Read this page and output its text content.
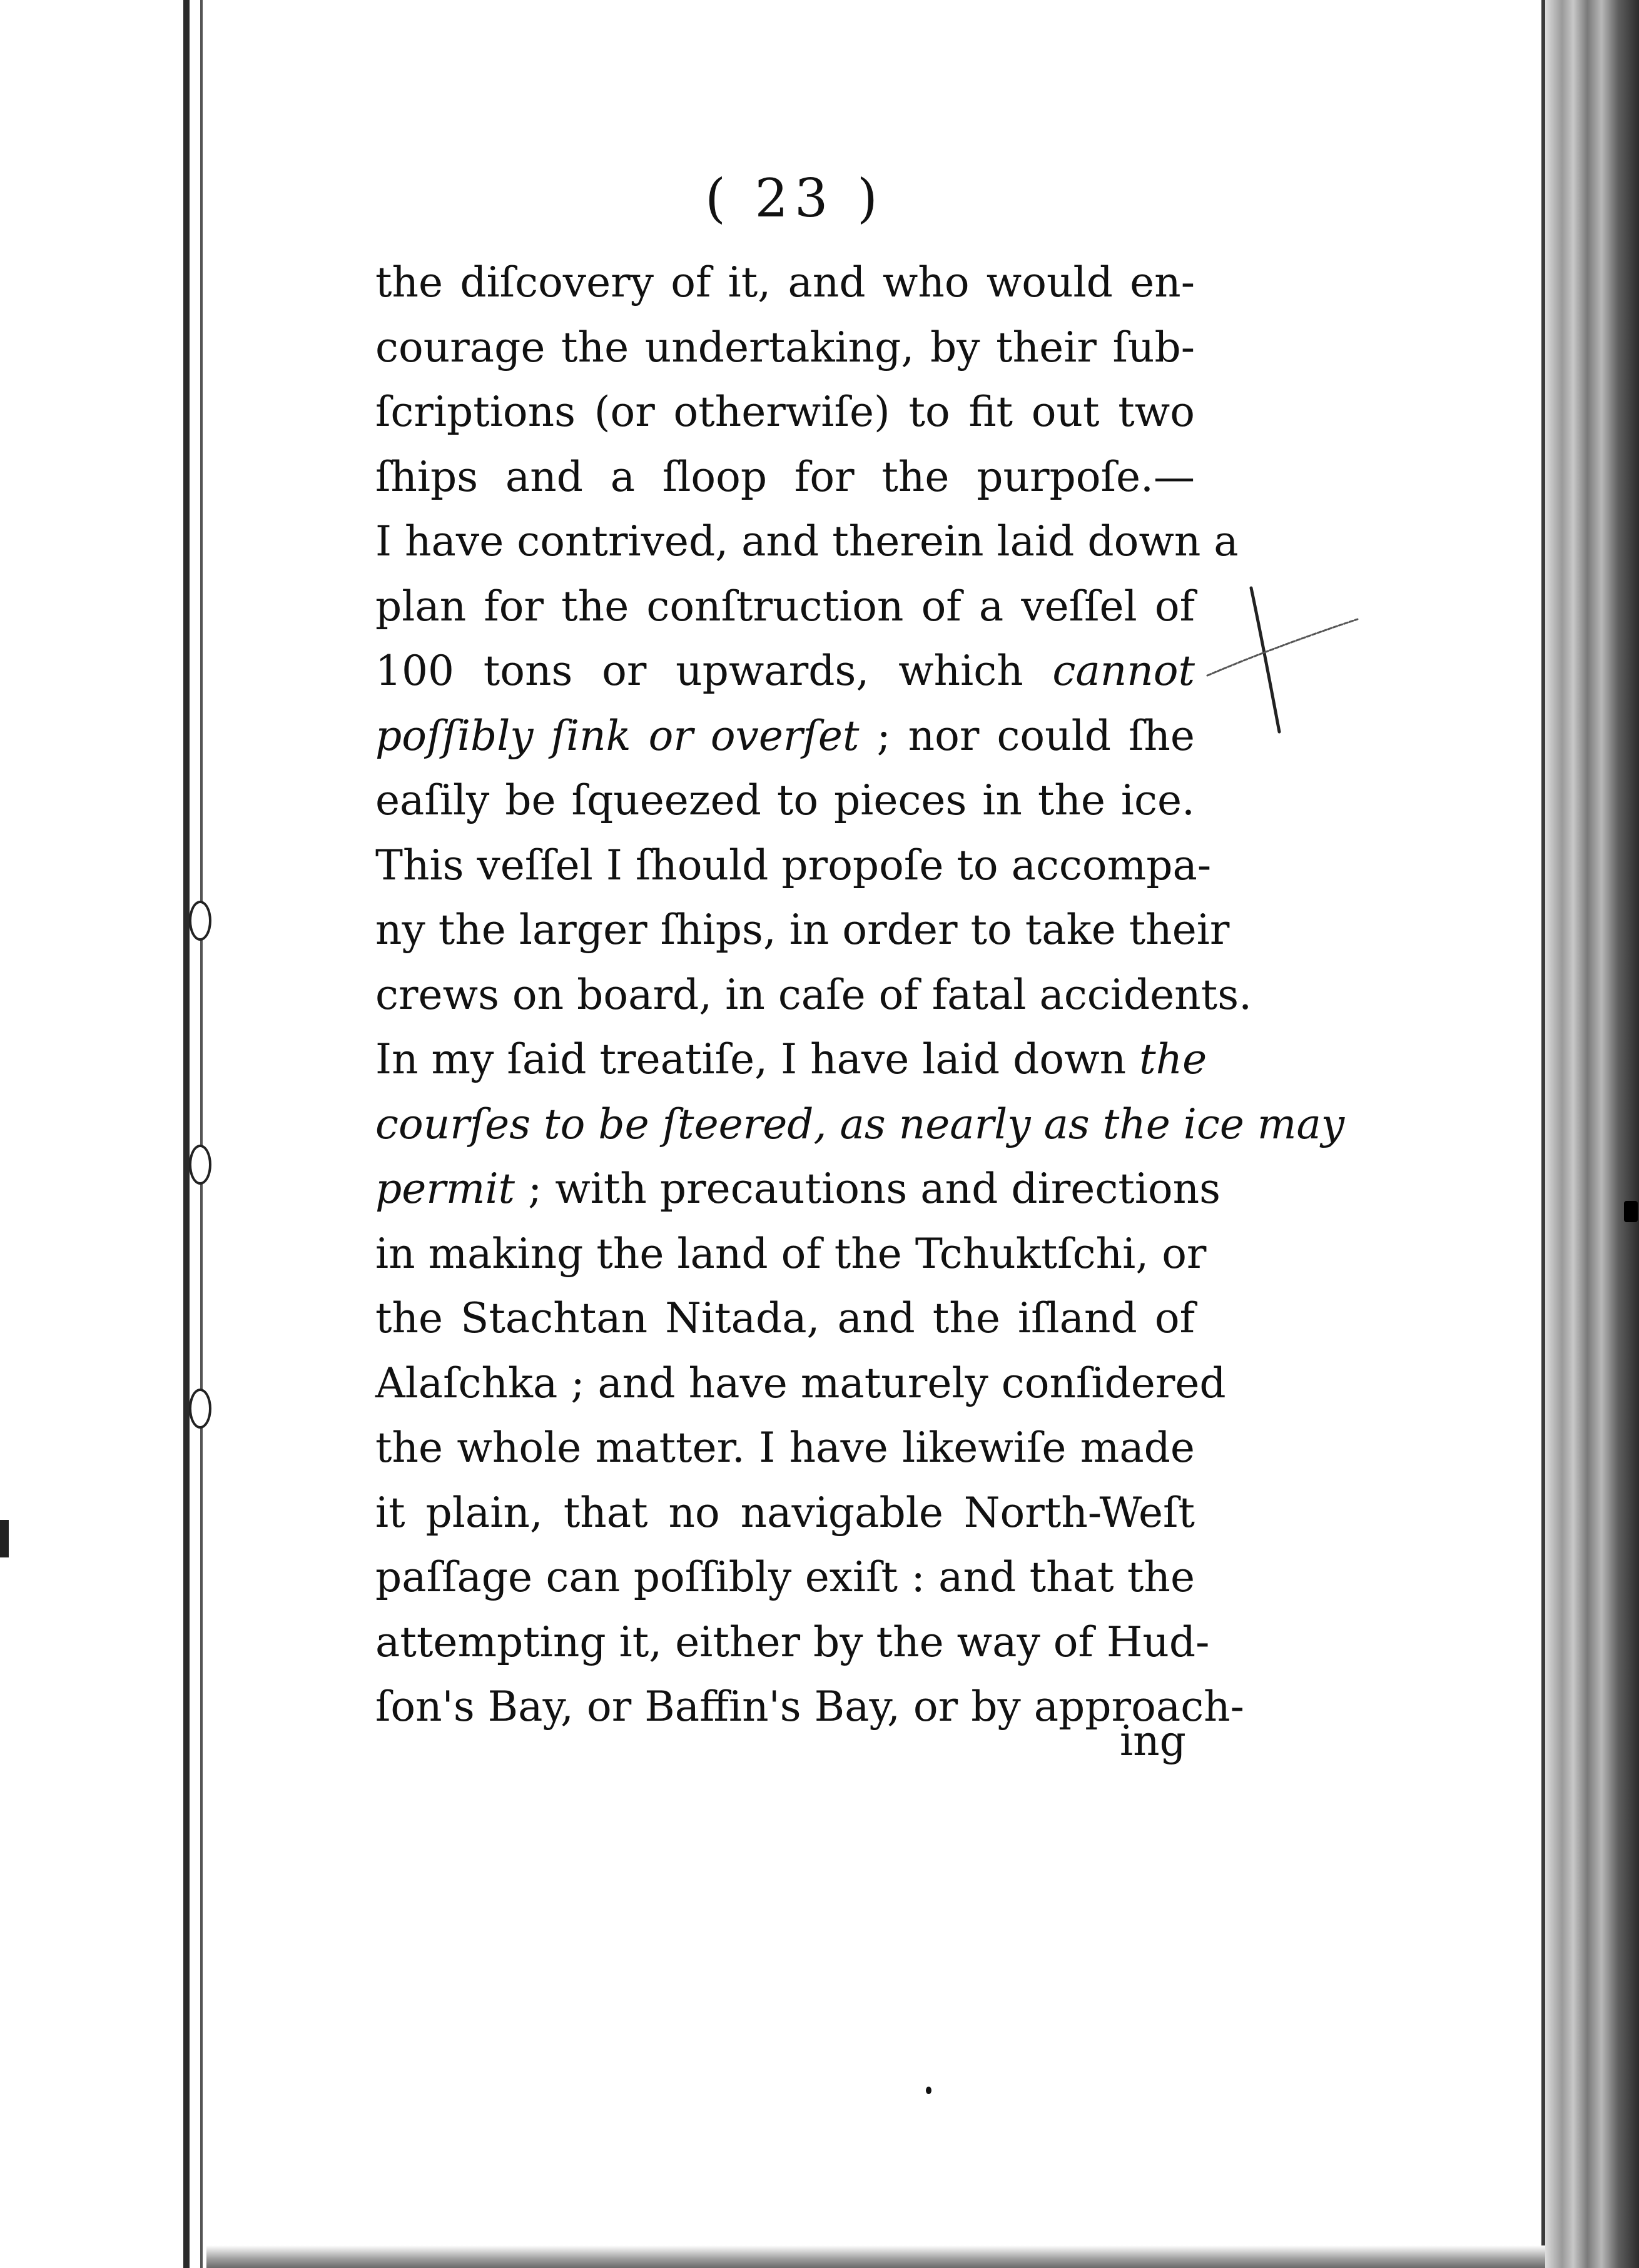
( 23 )
the diſcovery of it, and who would en-
courage the undertaking, by their ſub-
ſcriptions (or otherwiſe) to fit out two
ſhips and a ſloop for the purpoſe.—
I have contrived, and therein laid down a
plan for the conſtruction of a veſſel of
100 tons or upwards, which cannot
poſſibly ſink or overſet ; nor could ſhe
eaſily be ſqueezed to pieces in the ice.
This veſſel I ſhould propoſe to accompa-
ny the larger ſhips, in order to take their
crews on board, in caſe of fatal accidents.
In my ſaid treatiſe, I have laid down the
courſes to be ſteered, as nearly as the ice may
permit ; with precautions and directions
in making the land of the Tchuktſchi, or
the Stachtan Nitada, and the iſland of
Alaſchka ; and have maturely conſidered
the whole matter. I have likewiſe made
it plain, that no navigable North-Weſt
paſſage can poſſibly exiſt : and that the
attempting it, either by the way of Hud-
ſon's Bay, or Baffin's Bay, or by approach-
ing
